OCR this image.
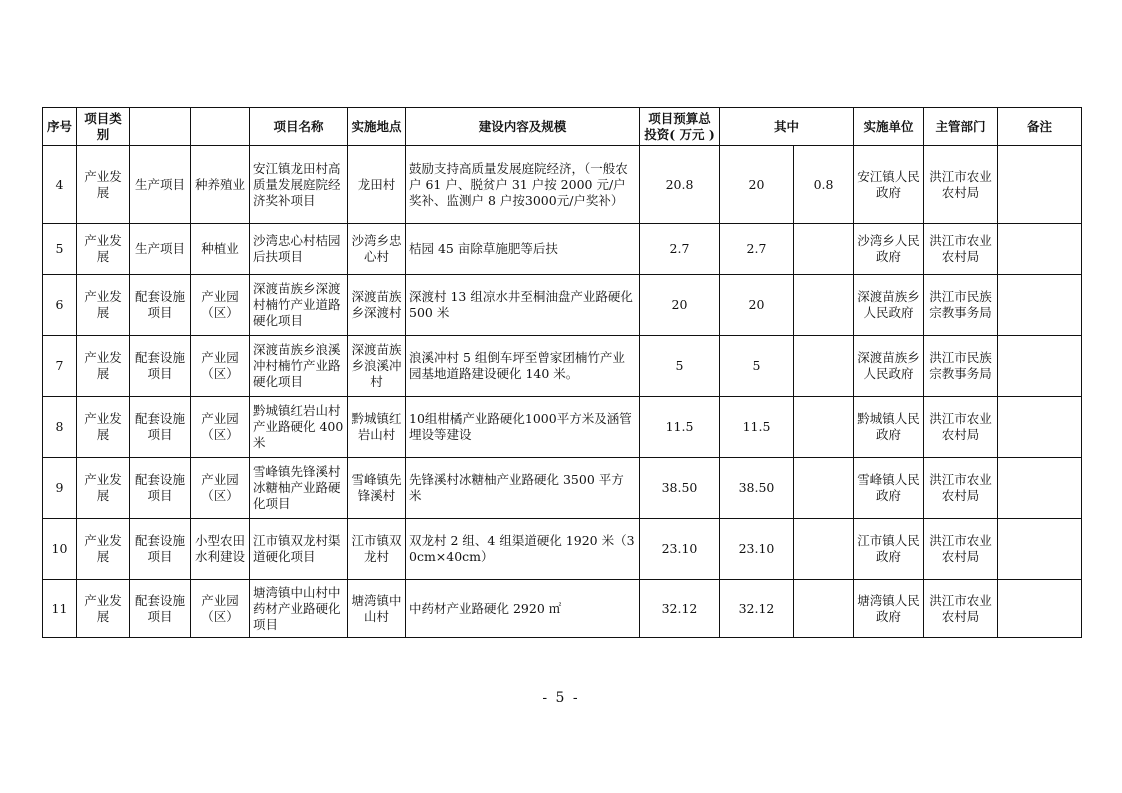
序号	项目类别			项目名称	实施地点	建设内容及规模	项目预算总投资( 万元 )	其中		实施单位	主管部门	备注
4	产业发展	生产项目	种养殖业	安江镇龙田村高质量发展庭院经济奖补项目	龙田村	鼓励支持高质量发展庭院经济，（一般农户 61 户、脱贫户 31 户按 2000 元/户奖补、监测户 8 户按3000元/户奖补）	20.8	20	0.8	安江镇人民政府	洪江市农业农村局	
5	产业发展	生产项目	种植业	沙湾忠心村桔园后扶项目	沙湾乡忠心村	桔园 45 亩除草施肥等后扶	2.7	2.7		沙湾乡人民政府	洪江市农业农村局	
6	产业发展	配套设施项目	产业园（区）	深渡苗族乡深渡村楠竹产业道路硬化项目	深渡苗族乡深渡村	深渡村 13 组凉水井至桐油盘产业路硬化 500 米	20	20		深渡苗族乡人民政府	洪江市民族宗教事务局	
7	产业发展	配套设施项目	产业园（区）	深渡苗族乡浪溪冲村楠竹产业路硬化项目	深渡苗族乡浪溪冲村	浪溪冲村 5 组倒车坪至曾家团楠竹产业园基地道路建设硬化 140 米。	5	5		深渡苗族乡人民政府	洪江市民族宗教事务局	
8	产业发展	配套设施项目	产业园（区）	黔城镇红岩山村产业路硬化 400 米	黔城镇红岩山村	10组柑橘产业路硬化1000平方米及涵管埋设等建设	11.5	11.5		黔城镇人民政府	洪江市农业农村局	
9	产业发展	配套设施项目	产业园（区）	雪峰镇先锋溪村冰糖柚产业路硬化项目	雪峰镇先锋溪村	先锋溪村冰糖柚产业路硬化 3500 平方米	38.50	38.50		雪峰镇人民政府	洪江市农业农村局	
10	产业发展	配套设施项目	小型农田水利建设	江市镇双龙村渠道硬化项目	江市镇双龙村	双龙村 2 组、4 组渠道硬化 1920 米（30cm×40cm）	23.10	23.10		江市镇人民政府	洪江市农业农村局	
11	产业发展	配套设施项目	产业园（区）	塘湾镇中山村中药材产业路硬化项目	塘湾镇中山村	中药材产业路硬化 2920 ㎡	32.12	32.12		塘湾镇人民政府	洪江市农业农村局	
- 5 -
